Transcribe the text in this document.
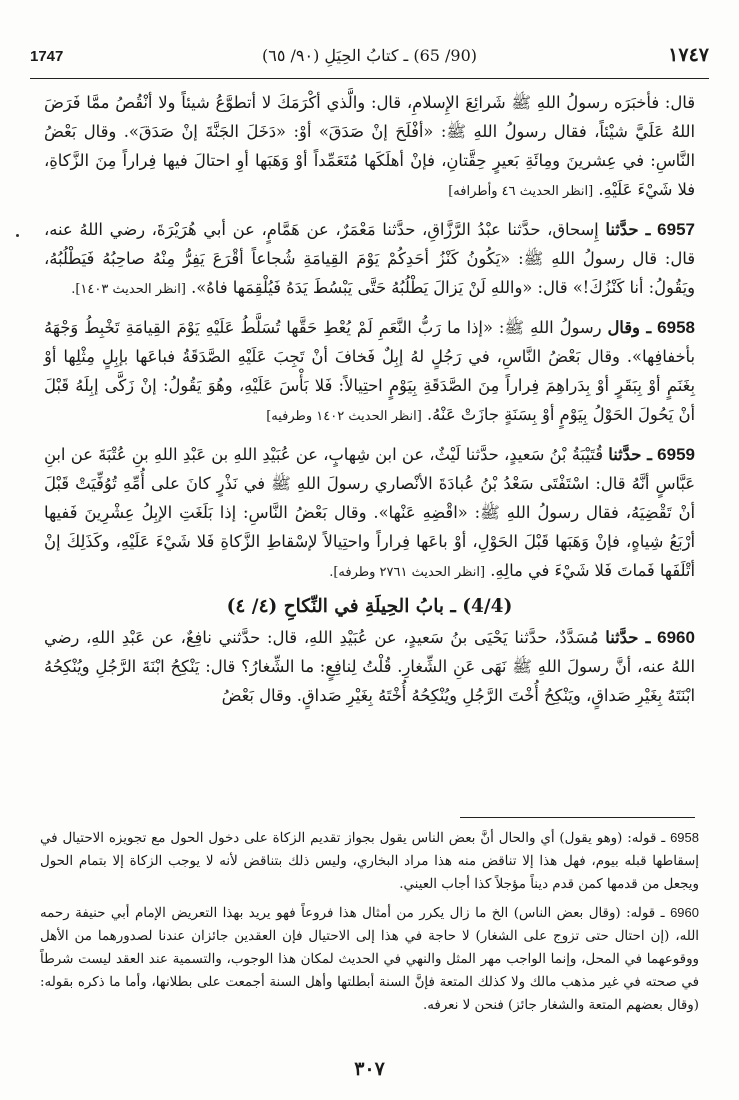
1747	(90/ 65) ـ كتابُ الحِيَلِ (٩٠/ ٦٥)	١٧٤٧

قال: فأخبَرَه رسولُ اللهِ ﷺ شَرائِعَ الإِسلامِ، قال: والَّذي أكْرَمَكَ لا أتطوَّعُ شيئاً ولا أنْقُصُ ممَّا فَرَضَ اللهُ عَلَيَّ شيْئاً، فقال رسولُ اللهِ ﷺ: «أفْلَحَ إنْ صَدَقَ» أوْ: «دَخَلَ الجَنَّةَ إنْ صَدَقَ». وقال بَعْضُ النَّاسِ: في عِشرينَ ومِائَةِ بَعيرٍ حِقَّتانِ، فإنْ أهلَكَها مُتَعَمِّداً أوْ وَهَبَها أوِ احتالَ فيها فِراراً مِنَ الزَّكاةِ، فلا شَيْءَ عَلَيْهِ. [انظر الحديث ٤٦ وأطرافه]

6957 ـ حدَّثنا إِسحاق، حدَّثنا عبْدُ الرَّزَّاقِ، حدَّثنا مَعْمَرٌ، عن هَمَّامٍ، عن أبي هُرَيْرَةَ، رضي اللهُ عنه، قال: قال رسولُ اللهِ ﷺ: «يَكُونُ كَنْزُ أحَدِكُمْ يَوْمَ القِيامَةِ شُجاعاً أقْرَعَ يَفِرُّ مِنْهُ صاحِبُهُ فَيَطْلُبُهُ، ويَقُولُ: أنا كَنْزُكَ!» قال: «واللهِ لَنْ يَزالَ يَطْلُبُهُ حَتَّى يَبْسُطَ يَدَهُ فَيُلْقِمَها فاهُ». [انظر الحديث ١٤٠٣].

6958 ـ وقال رسولُ اللهِ ﷺ: «إذا ما رَبُّ النَّعَمِ لَمْ يُعْطِ حَقَّها تُسَلَّطُ عَلَيْهِ يَوْمَ القِيامَةِ تَخْبِطُ وَجْهَهُ بأخفافِها». وقال بَعْضُ النَّاسِ، في رَجُلٍ لهُ إبِلٌ فَخافَ أنْ تَجِبَ عَلَيْهِ الصَّدَقَةُ فباعَها بإبِلٍ مِثْلِها أوْ بِغَنَمٍ أوْ بِبَقَرٍ أوْ بِدَراهِمَ فِراراً مِنَ الصَّدَقَةِ بِيَوْمٍ احتِيالاً: فَلا بَأْسَ عَلَيْهِ، وهُوَ يَقُولُ: إنْ زَكَّى إبِلَهُ قَبْلَ أنْ يَحُولَ الحَوْلُ بِيَوْمٍ أوْ بِسَنَةٍ جازَتْ عَنْهُ. [انظر الحديث ١٤٠٢ وطرفيه]

6959 ـ حدَّثنا قُتَيْبَةُ بْنُ سَعيدٍ، حدَّثنا لَيْثٌ، عن ابن شِهابٍ، عن عُبَيْدِ اللهِ بن عَبْدِ اللهِ بنِ عُتْبَةَ عن ابنِ عَبَّاسٍ أنَّهُ قال: اسْتَفْتَى سَعْدُ بْنُ عُبادَةَ الأنْصاري رسولَ اللهِ ﷺ في نَذْرٍ كانَ على أُمِّهِ تُوُفِّيَتْ قَبْلَ أنْ تَقْضِيَهُ، فقال رسولُ اللهِ ﷺ: «اقْضِهِ عَنْها». وقال بَعْضُ النَّاسِ: إذا بَلَغَتِ الإبِلُ عِشْرِينَ فَفيها أرْبَعُ شِياهٍ، فإنْ وَهَبَها قَبْلَ الحَوْلِ، أوْ باعَها فِراراً واحتِيالاً لإسْقاطِ الزَّكاةِ فَلا شَيْءَ عَلَيْهِ، وكَذَلِكَ إنْ أتْلَفَها فَماتَ فَلا شَيْءَ في مالِهِ. [انظر الحديث ٢٧٦١ وطرفه].

(4/4) ـ بابُ الحِيلَةِ في النِّكاحِ (٤/ ٤)

6960 ـ حدَّثنا مُسَدَّدٌ، حدَّثنا يَحْيَى بنُ سَعيدٍ، عن عُبَيْدِ اللهِ، قال: حدَّثني نافِعٌ، عن عَبْدِ اللهِ، رضي اللهُ عنه، أنَّ رسولَ اللهِ ﷺ نَهَى عَنِ الشِّغارِ. قُلْتُ لِنافِعٍ: ما الشِّغارُ؟ قال: يَنْكِحُ ابْنَةَ الرَّجُلِ ويُنْكِحُهُ ابْنَتَهُ بِغَيْرِ صَداقٍ، ويَنْكِحُ أُخْتَ الرَّجُلِ ويُنْكِحُهُ أُخْتَهُ بِغَيْرِ صَداقٍ. وقال بَعْضُ

6958 ـ قوله: (وهو يقول) أي والحال أنَّ بعض الناس يقول بجواز تقديم الزكاة على دخول الحول مع تجويزه الاحتيال في إسقاطها قبله بيوم، فهل هذا إلا تناقض منه هذا مراد البخاري، وليس ذلك بتناقض لأنه لا يوجب الزكاة إلا بتمام الحول ويجعل من قدمها كمن قدم ديناً مؤجلاً كذا أجاب العيني.

6960 ـ قوله: (وقال بعض الناس) الخ ما زال يكرر من أمثال هذا فروعاً فهو يريد بهذا التعريض الإمام أبي حنيفة رحمه الله، (إن احتال حتى تزوج على الشغار) لا حاجة في هذا إلى الاحتيال فإن العقدين جائزان عندنا لصدورهما من الأهل ووقوعهما في المحل، وإنما الواجب مهر المثل والنهي في الحديث لمكان هذا الوجوب، والتسمية عند العقد ليست شرطاً في صحته في غير مذهب مالك ولا كذلك المتعة فإنَّ السنة أبطلتها وأهل السنة أجمعت على بطلانها، وأما ما ذكره بقوله: (وقال بعضهم المتعة والشغار جائز) فنحن لا نعرفه.

٣٠٧
